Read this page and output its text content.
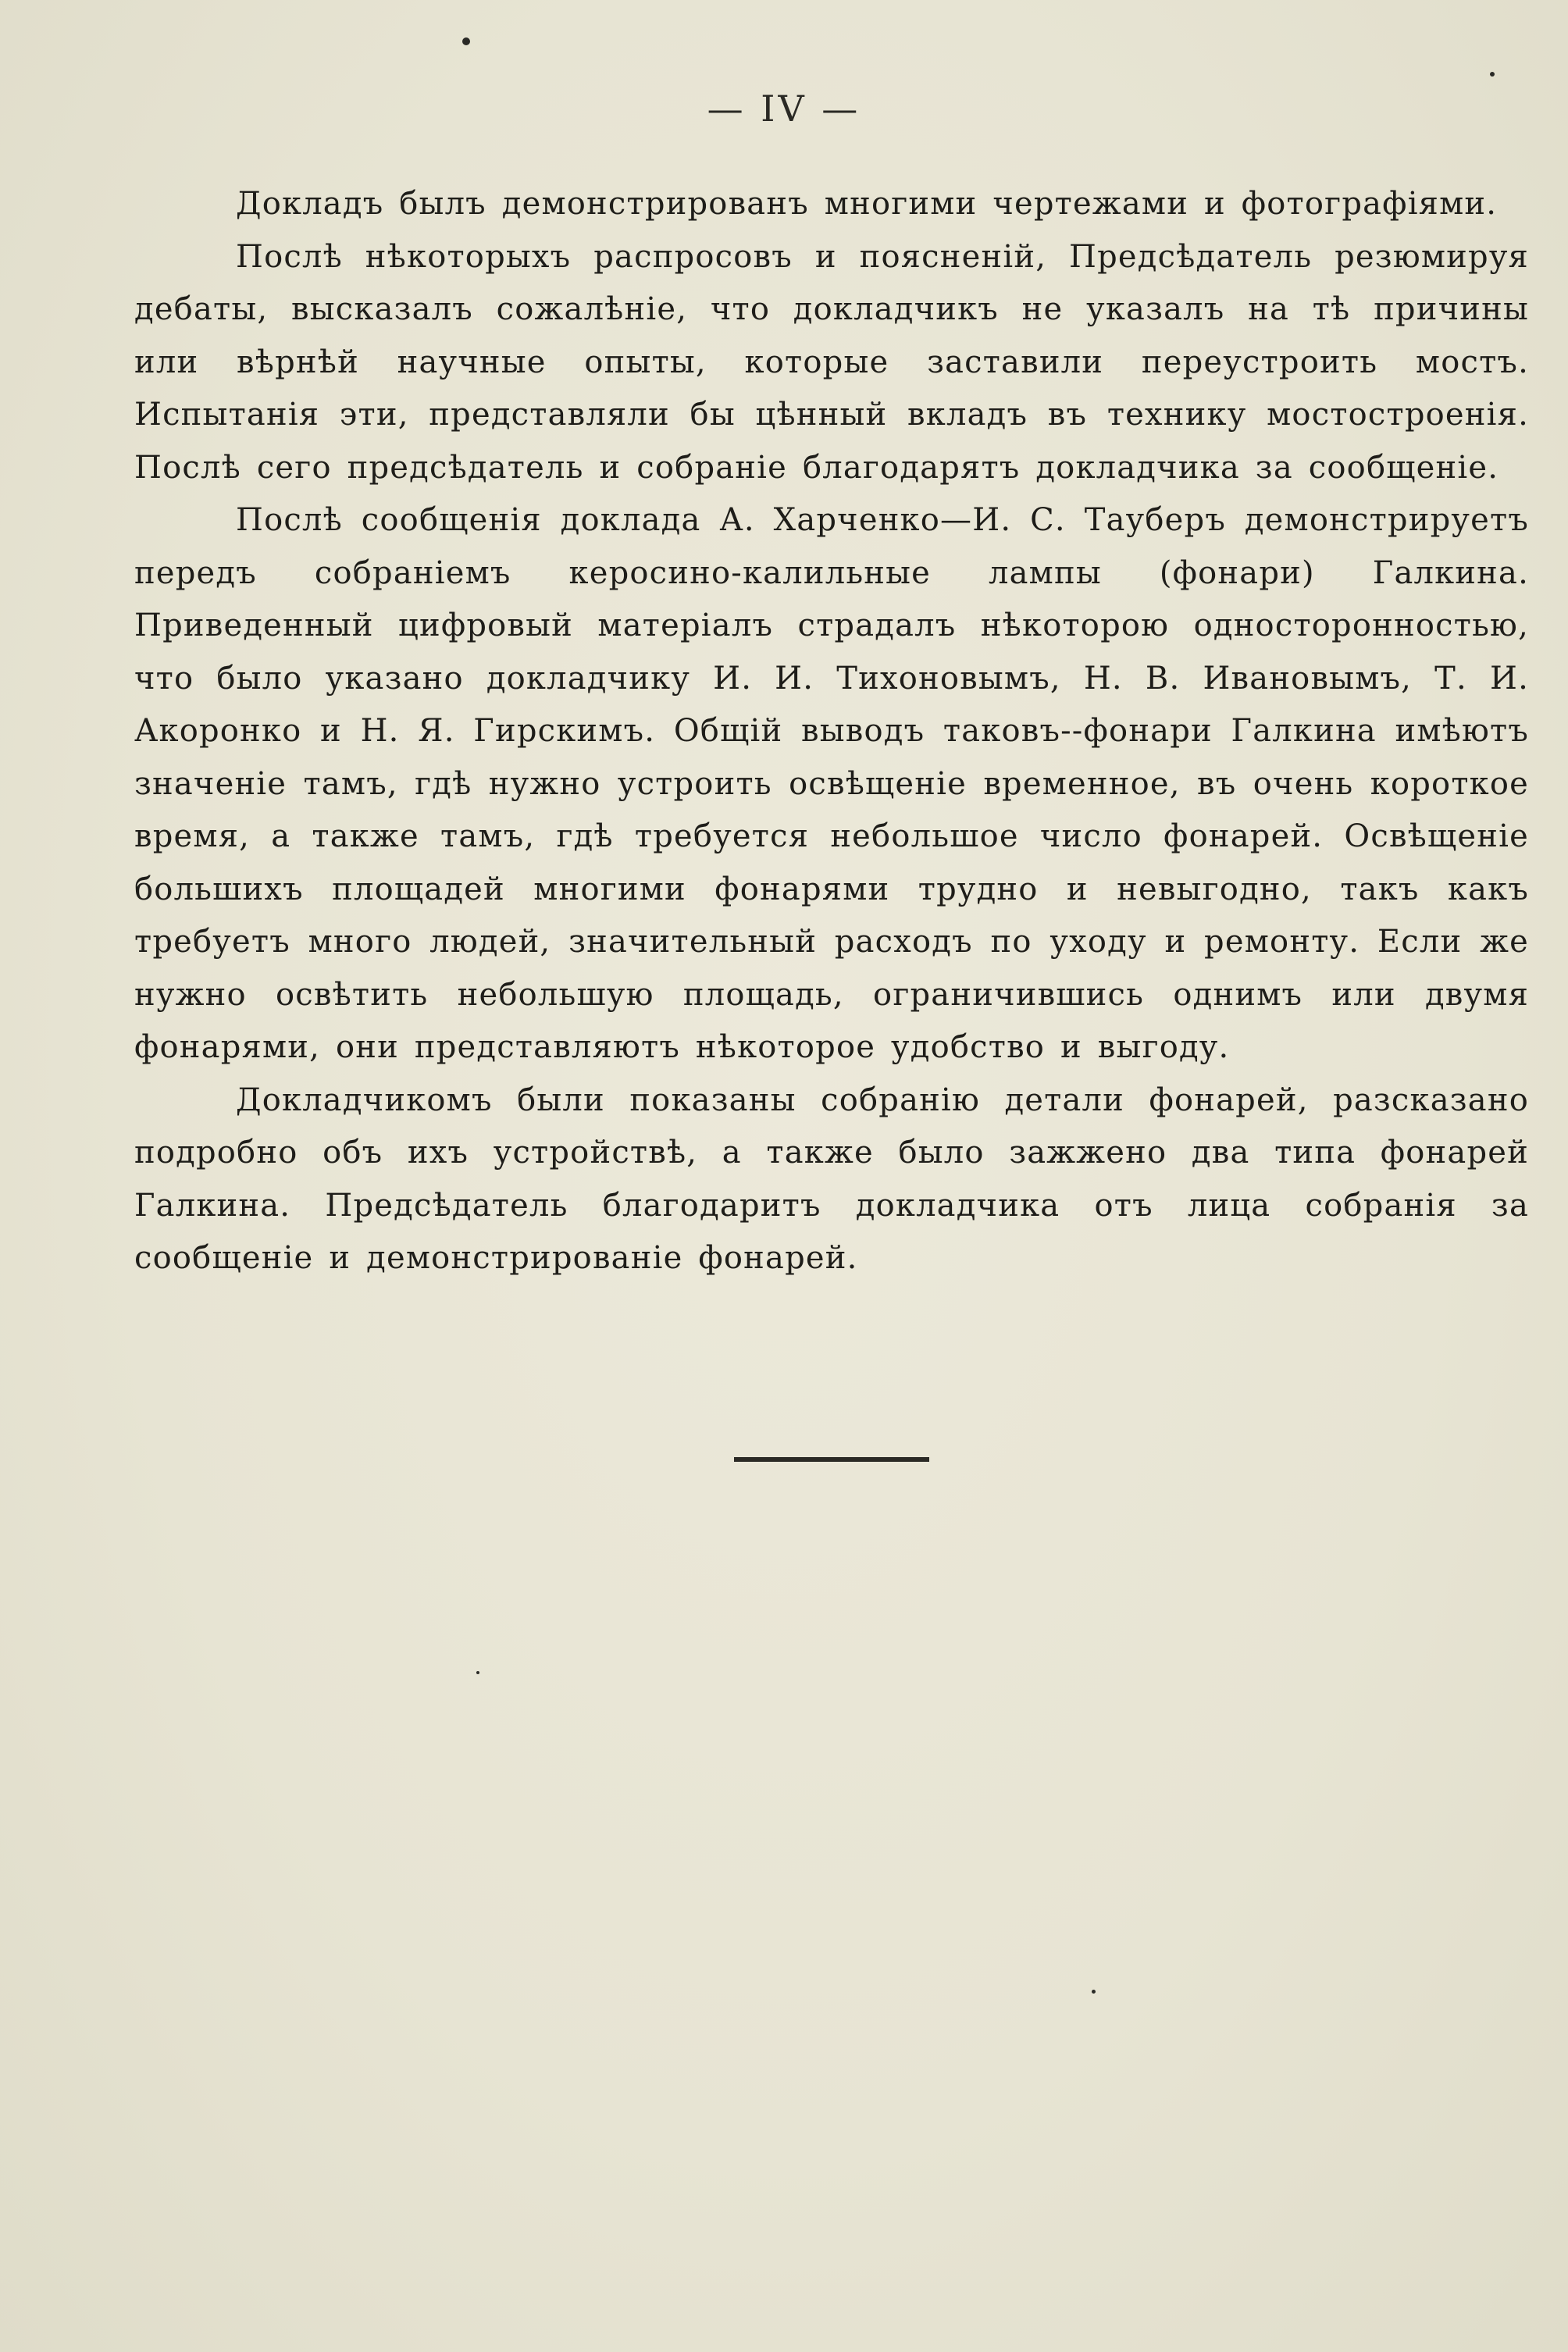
— IV —

Докладъ былъ демонстрированъ многими чертежами и фотографіями.

Послѣ нѣкоторыхъ распросовъ и поясненій, Предсѣдатель резюмируя дебаты, высказалъ сожалѣніе, что докладчикъ не указалъ на тѣ причины или вѣрнѣй научные опыты, которые заставили переустроить мостъ. Испытанія эти, представляли бы цѣнный вкладъ въ технику мостостроенія. Послѣ сего предсѣдатель и собраніе благодарятъ докладчика за сообщеніе.

Послѣ сообщенія доклада А. Харченко—И. С. Тауберъ демонстрируетъ передъ собраніемъ керосино-калильные лампы (фонари) Галкина. Приведенный цифровый матеріалъ страдалъ нѣкоторою односторонностью, что было указано докладчику И. И. Тихоновымъ, Н. В. Ивановымъ, Т. И. Акоронко и Н. Я. Гирскимъ. Общій выводъ таковъ--фонари Галкина имѣютъ значеніе тамъ, гдѣ нужно устроить освѣщеніе временное, въ очень короткое время, а также тамъ, гдѣ требуется небольшое число фонарей. Освѣщеніе большихъ площадей многими фонарями трудно и невыгодно, такъ какъ требуетъ много людей, значительный расходъ по уходу и ремонту. Если же нужно освѣтить небольшую площадь, ограничившись однимъ или двумя фонарями, они представляютъ нѣкоторое удобство и выгоду.

Докладчикомъ были показаны собранію детали фонарей, разсказано подробно объ ихъ устройствѣ, а также было зажжено два типа фонарей Галкина. Предсѣдатель благодаритъ докладчика отъ лица собранія за сообщеніе и демонстрированіе фонарей.
